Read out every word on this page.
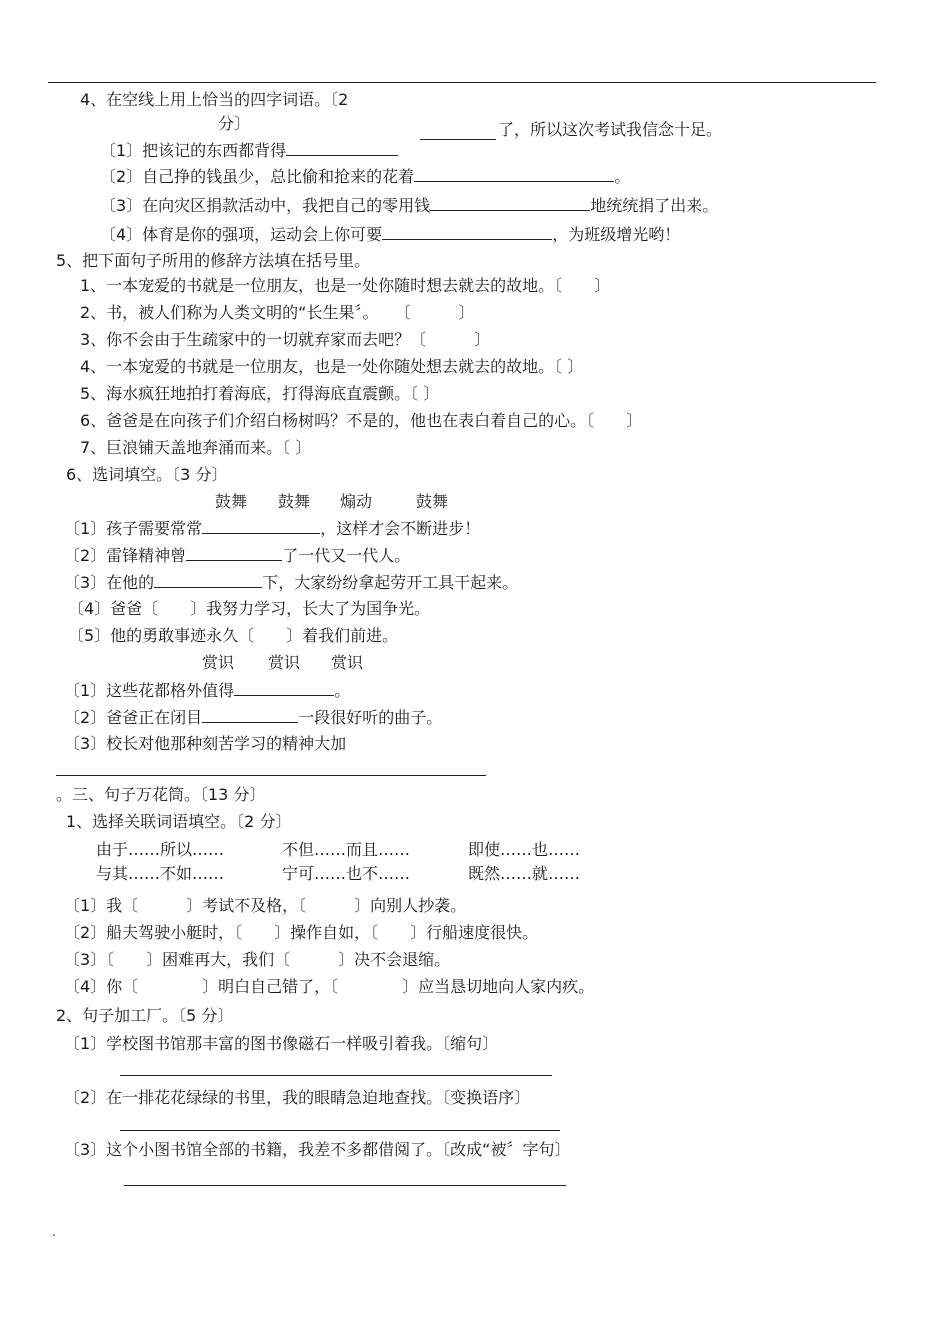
4、在空线上用上恰当的四字词语。〔2
分〕	了，所以这次考试我信念十足。
〔1〕把该记的东西都背得
〔2〕自己挣的钱虽少，总比偷和抢来的花着	。
〔3〕在向灾区捐款活动中，我把自己的零用钱	地统统捐了出来。
〔4〕体育是你的强项，运动会上你可要	，为班级增光哟！
5、把下面句子所用的修辞方法填在括号里。
1、一本宠爱的书就是一位朋友，也是一处你随时想去就去的故地。〔　　〕
2、书，被人们称为人类文明的“长生果〞。　　〔　　　〕
3、你不会由于生疏家中的一切就弃家而去吧？〔　　　〕
4、一本宠爱的书就是一位朋友，也是一处你随处想去就去的故地。〔 〕
5、海水疯狂地拍打着海底，打得海底直震颤。〔 〕
6、爸爸是在向孩子们介绍白杨树吗？不是的，他也在表白着自己的心。〔　　〕
7、巨浪铺天盖地奔涌而来。〔 〕
6、选词填空。〔3 分〕
鼓舞 鼓舞 煽动	鼓舞
〔1〕孩子需要常常	，这样才会不断进步！
〔2〕雷锋精神曾	了一代又一代人。
〔3〕在他的	下，大家纷纷拿起劳开工具干起来。
〔4〕爸爸〔　　〕我努力学习，长大了为国争光。
〔5〕他的勇敢事迹永久〔　　〕着我们前进。
赏识 赏识 赏识
〔1〕这些花都格外值得	。
〔2〕爸爸正在闭目	一段很好听的曲子。
〔3〕校长对他那种刻苦学习的精神大加
。三、句子万花筒。〔13 分〕
1、选择关联词语填空。〔2 分〕
由于……所以……	不但……而且……	即使……也……
与其……不如……	宁可……也不……	既然……就……
〔1〕我〔　　　〕考试不及格，〔　　　〕向别人抄袭。
〔2〕船夫驾驶小艇时，〔　　〕操作自如，〔　　〕行船速度很快。
〔3〕〔　　〕困难再大，我们〔　　　〕决不会退缩。
〔4〕你〔　　　　〕明白自己错了，〔　　　　〕应当恳切地向人家内疚。
2、句子加工厂。〔5 分〕
〔1〕学校图书馆那丰富的图书像磁石一样吸引着我。〔缩句〕
〔2〕在一排花花绿绿的书里，我的眼睛急迫地查找。〔变换语序〕
〔3〕这个小图书馆全部的书籍，我差不多都借阅了。〔改成“被〞字句〕
.
